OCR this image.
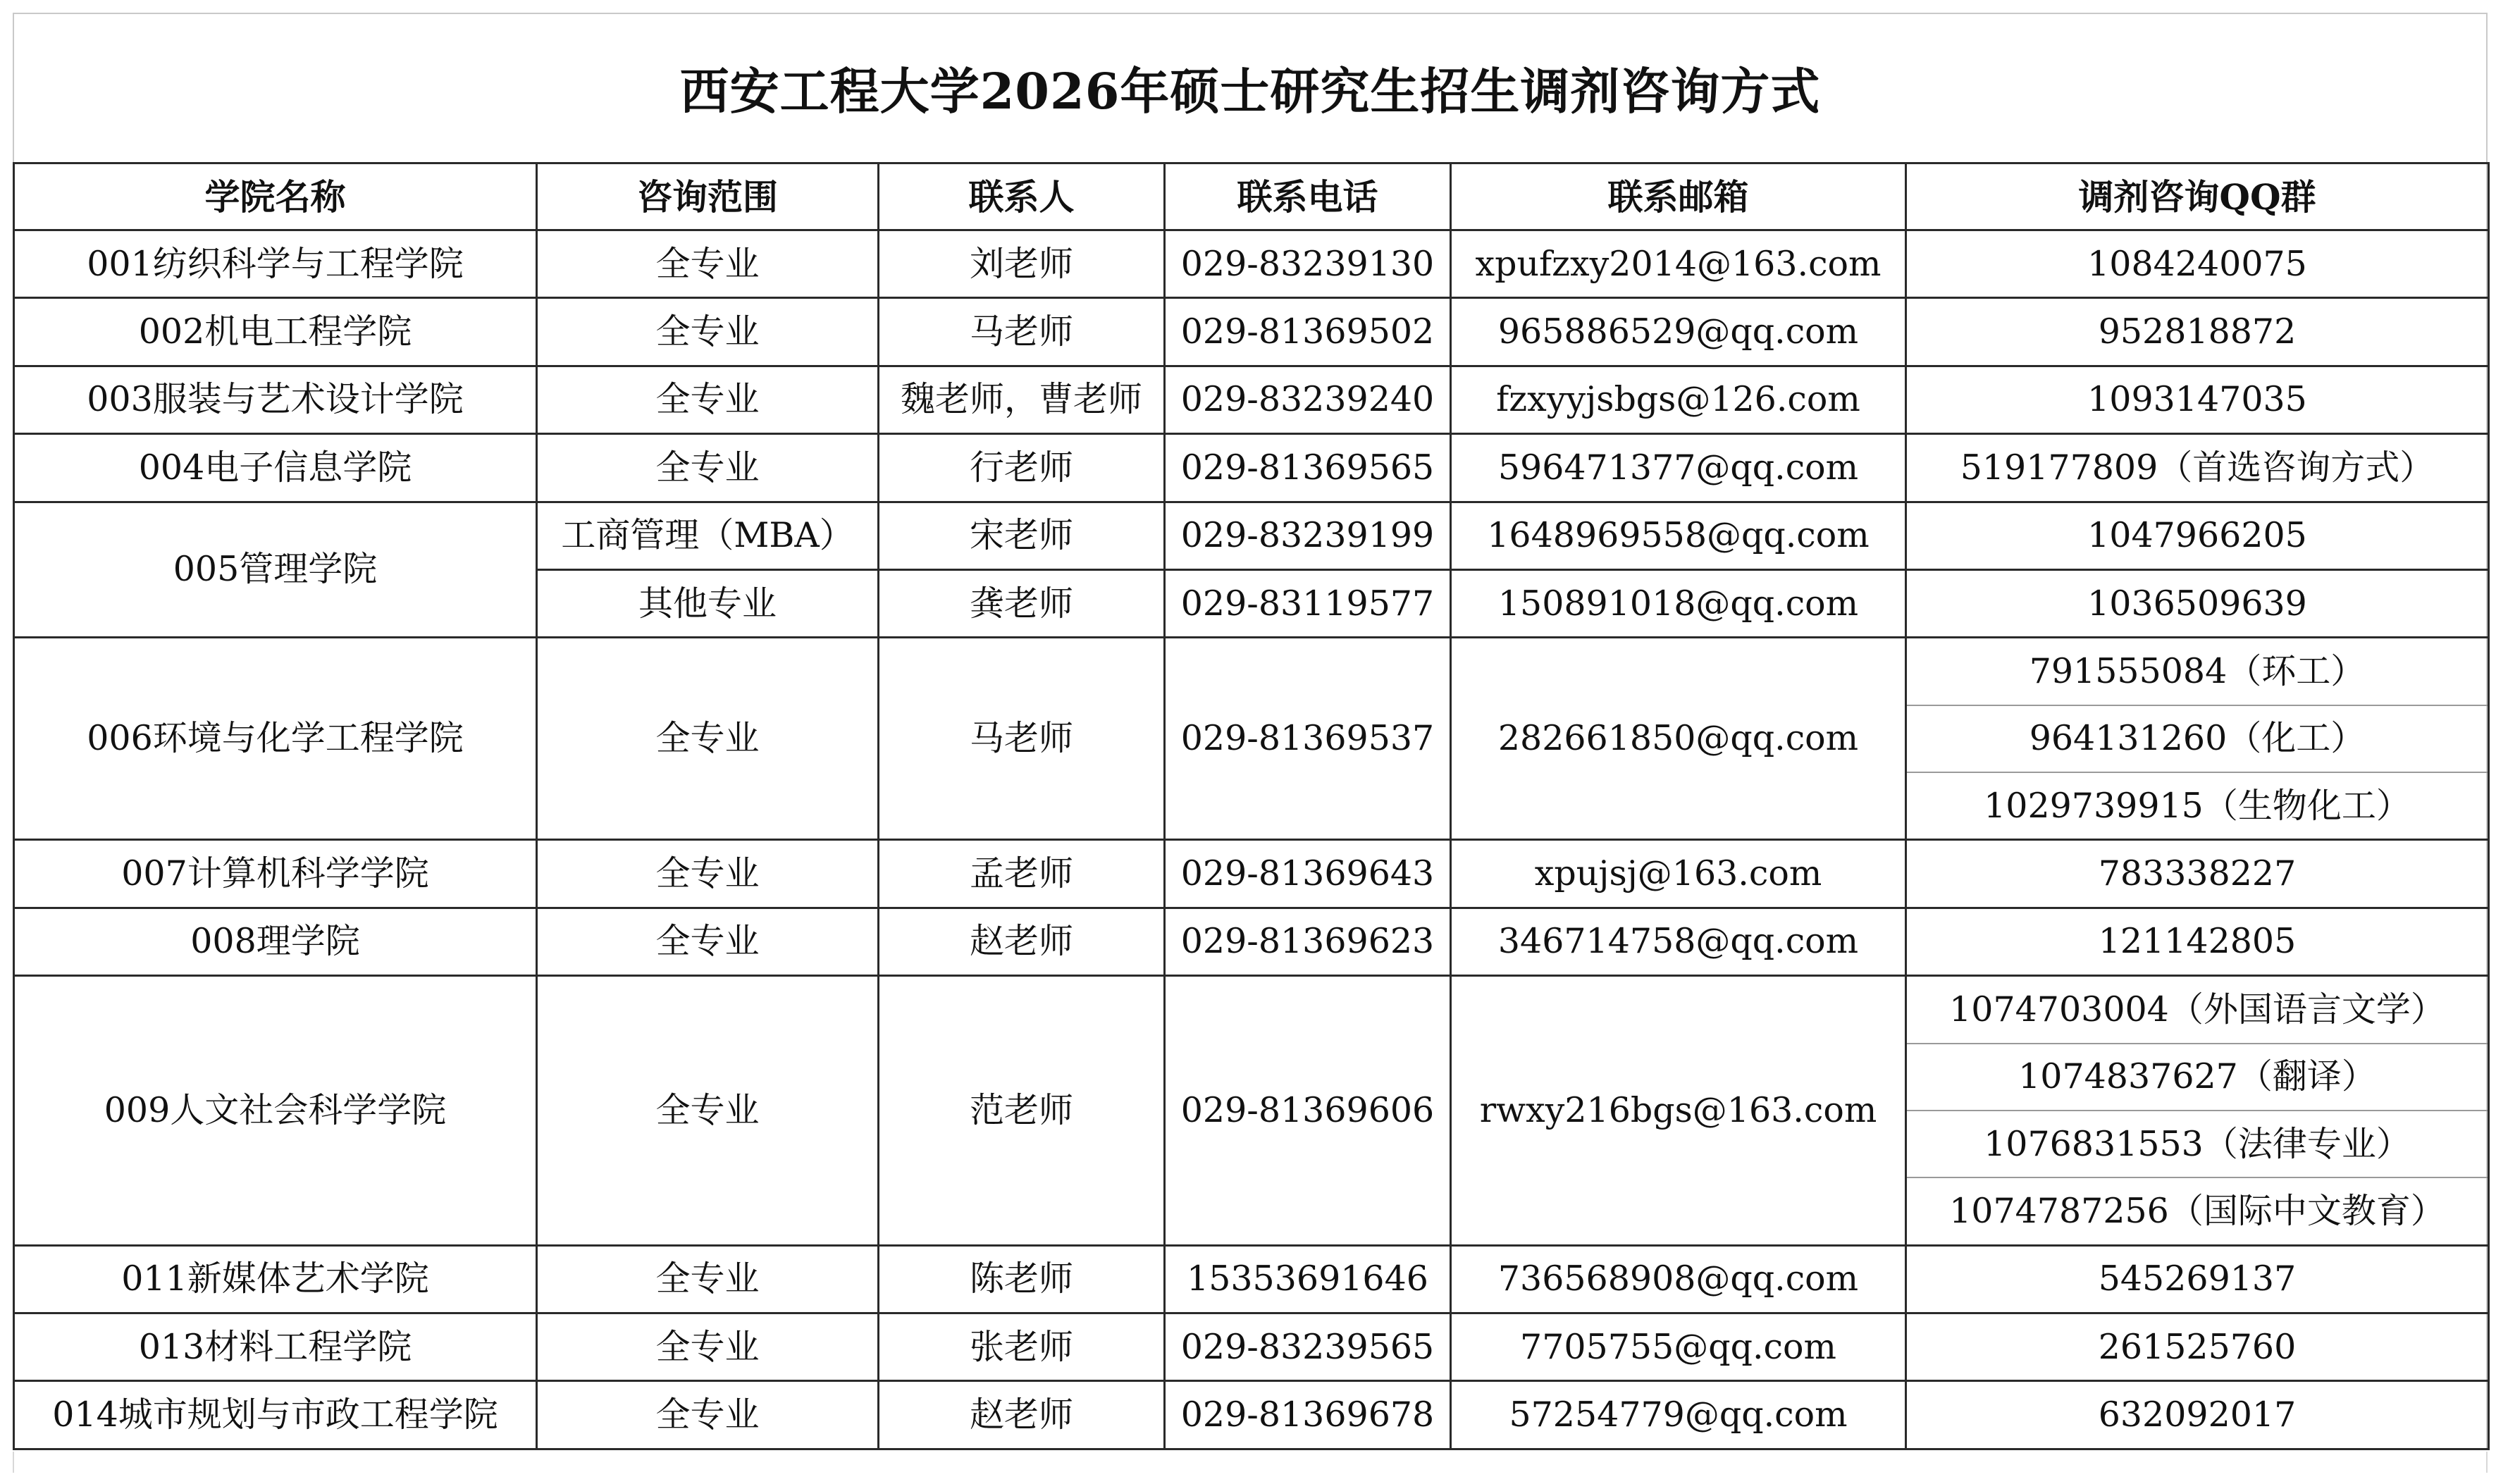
西安工程大学2026年硕士研究生招生调剂咨询方式
学院名称	咨询范围	联系人	联系电话	联系邮箱	调剂咨询QQ群
001纺织科学与工程学院	全专业	刘老师	029-83239130	xpufzxy2014@163.com	1084240075
002机电工程学院	全专业	马老师	029-81369502	965886529@qq.com	952818872
003服装与艺术设计学院	全专业	魏老师，曹老师	029-83239240	fzxyyjsbgs@126.com	1093147035
004电子信息学院	全专业	行老师	029-81369565	596471377@qq.com	519177809（首选咨询方式）
005管理学院	工商管理（MBA）	宋老师	029-83239199	1648969558@qq.com	1047966205
	其他专业	龚老师	029-83119577	150891018@qq.com	1036509639
006环境与化学工程学院	全专业	马老师	029-81369537	282661850@qq.com	791555084（环工）
					964131260（化工）
					1029739915（生物化工）
007计算机科学学院	全专业	孟老师	029-81369643	xpujsj@163.com	783338227
008理学院	全专业	赵老师	029-81369623	346714758@qq.com	121142805
009人文社会科学学院	全专业	范老师	029-81369606	rwxy216bgs@163.com	1074703004（外国语言文学）
					1074837627（翻译）
					1076831553（法律专业）
					1074787256（国际中文教育）
011新媒体艺术学院	全专业	陈老师	15353691646	736568908@qq.com	545269137
013材料工程学院	全专业	张老师	029-83239565	7705755@qq.com	261525760
014城市规划与市政工程学院	全专业	赵老师	029-81369678	57254779@qq.com	632092017
